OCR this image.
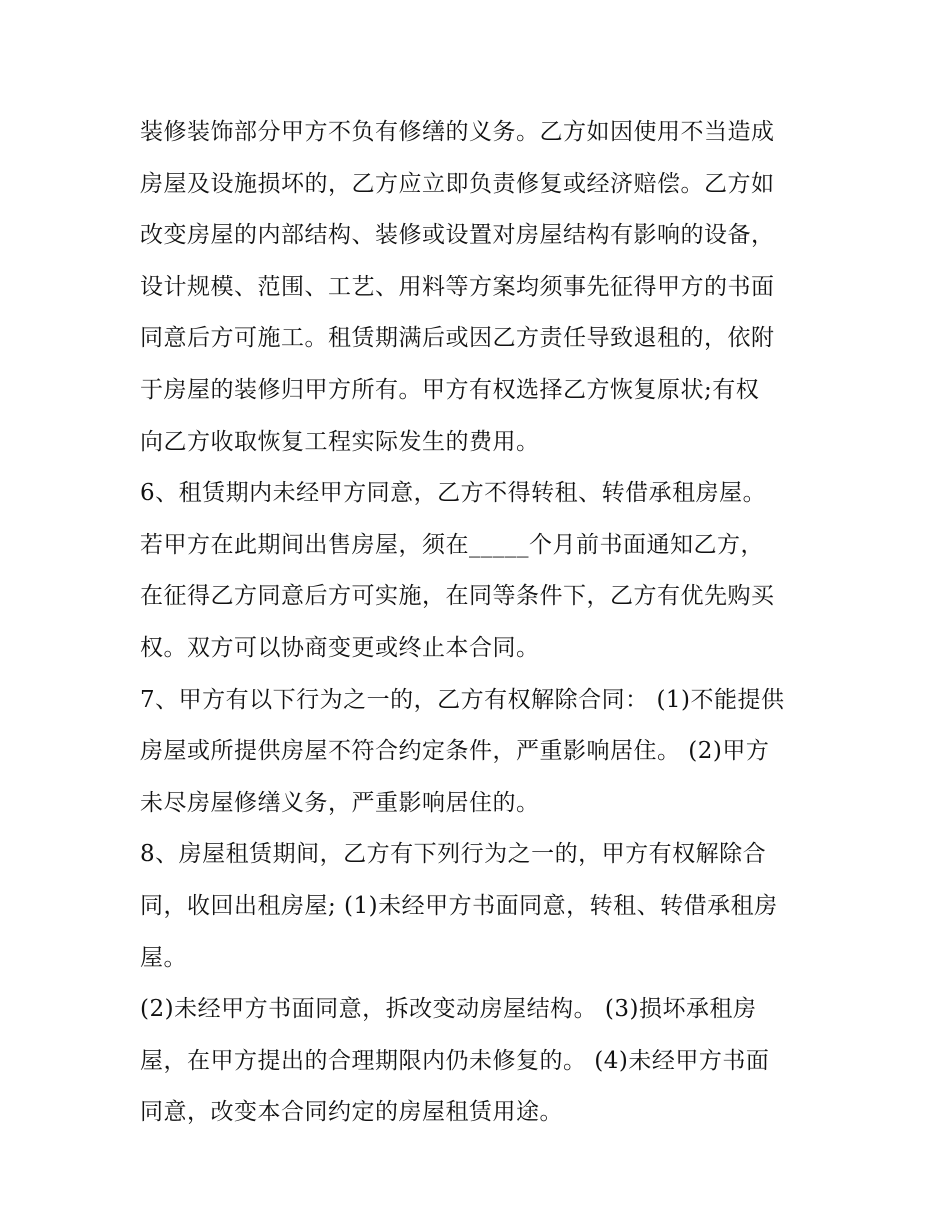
装修装饰部分甲方不负有修缮的义务。乙方如因使用不当造成
房屋及设施损坏的，乙方应立即负责修复或经济赔偿。乙方如
改变房屋的内部结构、装修或设置对房屋结构有影响的设备，
设计规模、范围、工艺、用料等方案均须事先征得甲方的书面
同意后方可施工。租赁期满后或因乙方责任导致退租的，依附
于房屋的装修归甲方所有。甲方有权选择乙方恢复原状;有权
向乙方收取恢复工程实际发生的费用。
6、租赁期内未经甲方同意，乙方不得转租、转借承租房屋。
若甲方在此期间出售房屋，须在_____个月前书面通知乙方，
在征得乙方同意后方可实施，在同等条件下，乙方有优先购买
权。双方可以协商变更或终止本合同。
7、甲方有以下行为之一的，乙方有权解除合同： (1)不能提供
房屋或所提供房屋不符合约定条件，严重影响居住。 (2)甲方
未尽房屋修缮义务，严重影响居住的。
8、房屋租赁期间，乙方有下列行为之一的，甲方有权解除合
同，收回出租房屋; (1)未经甲方书面同意，转租、转借承租房
屋。
(2)未经甲方书面同意，拆改变动房屋结构。 (3)损坏承租房
屋，在甲方提出的合理期限内仍未修复的。 (4)未经甲方书面
同意，改变本合同约定的房屋租赁用途。
